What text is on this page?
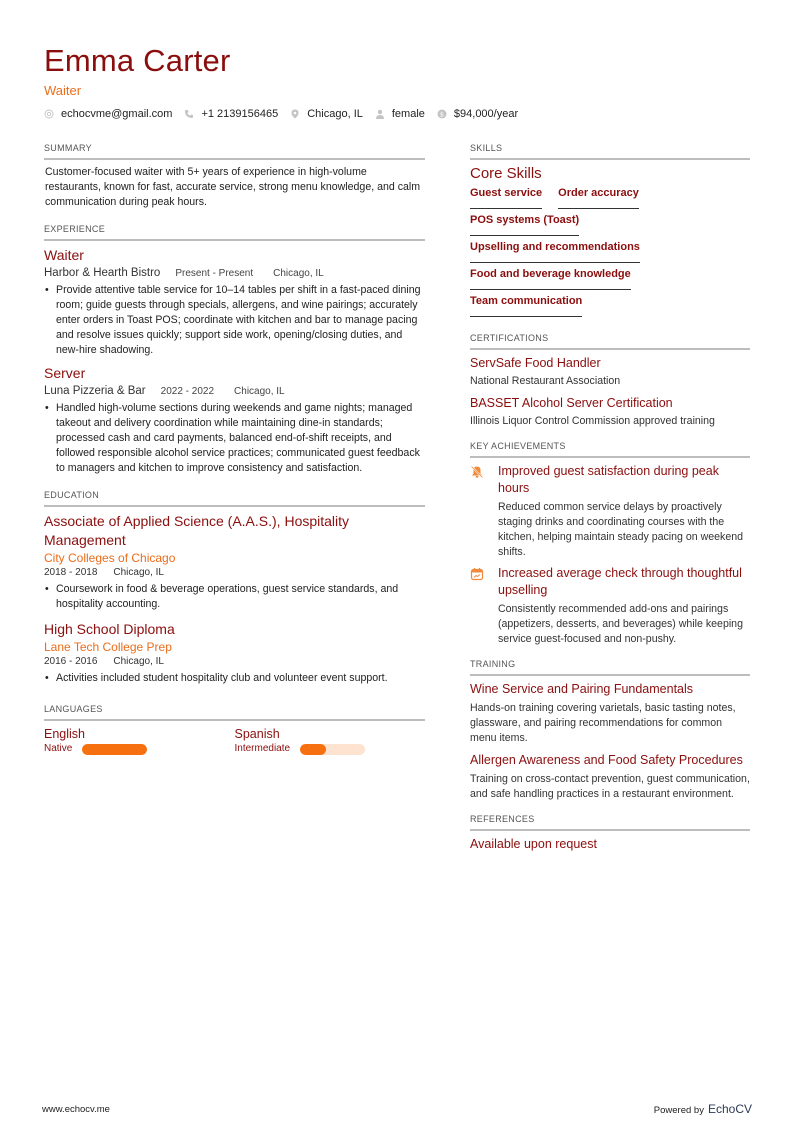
Emma Carter
Waiter
echocvme@gmail.com	+1 2139156465	Chicago, IL	female $ $94,000/year
SUMMARY
Customer-focused waiter with 5+ years of experience in high-volume restaurants, known for fast, accurate service, strong menu knowledge, and calm communication during peak hours.
EXPERIENCE
Waiter
Harbor & Hearth Bistro Present - Present Chicago, IL
• Provide attentive table service for 10–14 tables per shift in a fast-paced dining room; guide guests through specials, allergens, and wine pairings; accurately enter orders in Toast POS; coordinate with kitchen and bar to manage pacing and resolve issues quickly; support side work, opening/closing duties, and new-hire shadowing.
Server
Luna Pizzeria & Bar 2022 - 2022 Chicago, IL
• Handled high-volume sections during weekends and game nights; managed takeout and delivery coordination while maintaining dine-in standards; processed cash and card payments, balanced end-of-shift receipts, and followed responsible alcohol service practices; communicated guest feedback to managers and kitchen to improve consistency and satisfaction.
EDUCATION
Associate of Applied Science (A.A.S.), Hospitality Management
City Colleges of Chicago
2018 - 2018 Chicago, IL
• Coursework in food & beverage operations, guest service standards, and hospitality accounting.
High School Diploma
Lane Tech College Prep
2016 - 2016 Chicago, IL
• Activities included student hospitality club and volunteer event support.
LANGUAGES
English
Native
Spanish
Intermediate
SKILLS
Core Skills
Guest service Order accuracy
POS systems (Toast)
Upselling and recommendations
Food and beverage knowledge
Team communication
CERTIFICATIONS
ServSafe Food Handler
National Restaurant Association
BASSET Alcohol Server Certification
Illinois Liquor Control Commission approved training
KEY ACHIEVEMENTS
Improved guest satisfaction during peak hours
Reduced common service delays by proactively staging drinks and coordinating courses with the kitchen, helping maintain steady pacing on weekend shifts.
Increased average check through thoughtful upselling
Consistently recommended add-ons and pairings (appetizers, desserts, and beverages) while keeping service guest-focused and non-pushy.
TRAINING
Wine Service and Pairing Fundamentals
Hands-on training covering varietals, basic tasting notes, glassware, and pairing recommendations for common menu items.
Allergen Awareness and Food Safety Procedures
Training on cross-contact prevention, guest communication, and safe handling practices in a restaurant environment.
REFERENCES
Available upon request
www.echocv.me	Powered by EchoCV
